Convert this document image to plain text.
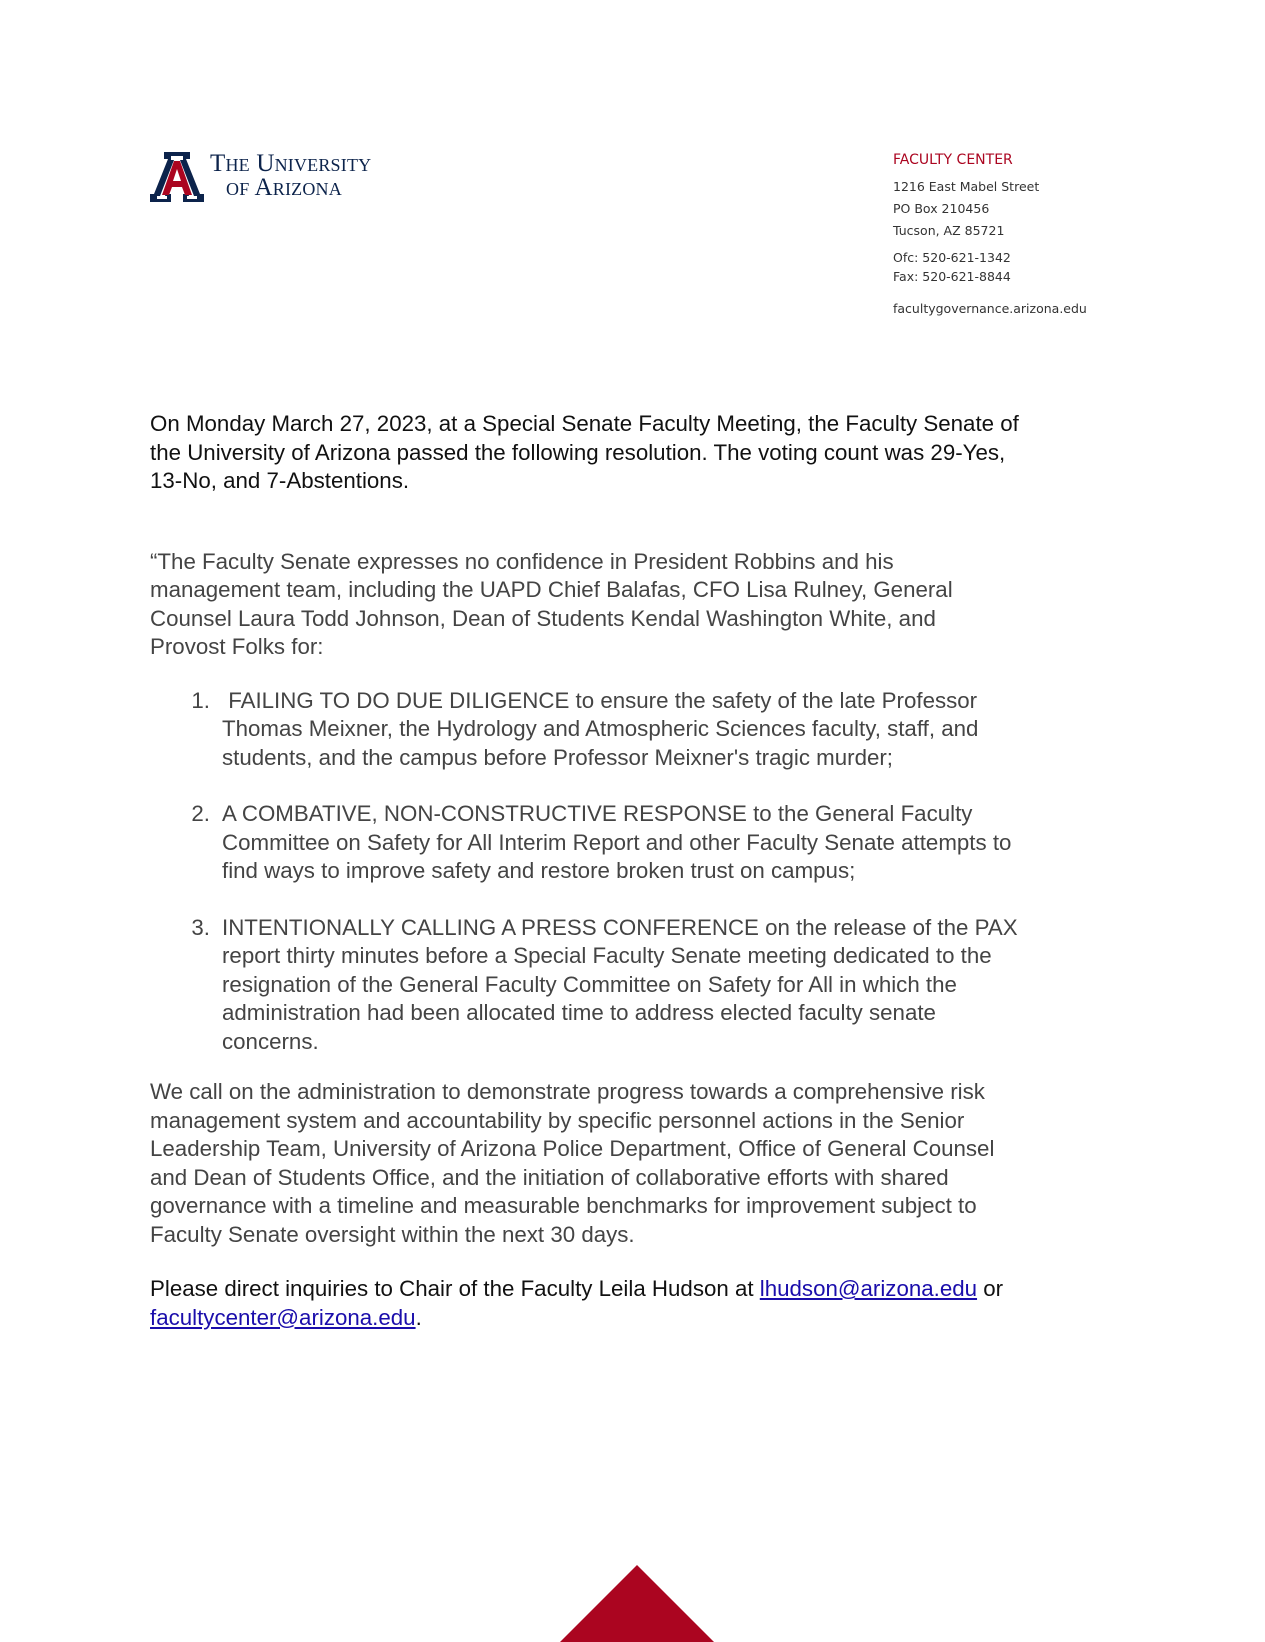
The University
of Arizona
FACULTY CENTER
1216 East Mabel Street
PO Box 210456
Tucson, AZ 85721
Ofc: 520-621-1342
Fax: 520-621-8844
facultygovernance.arizona.edu

On Monday March 27, 2023, at a Special Senate Faculty Meeting, the Faculty Senate of
the University of Arizona passed the following resolution. The voting count was 29-Yes,
13-No, and 7-Abstentions.

“The Faculty Senate expresses no confidence in President Robbins and his
management team, including the UAPD Chief Balafas, CFO Lisa Rulney, General
Counsel Laura Todd Johnson, Dean of Students Kendal Washington White, and
Provost Folks for:

1. FAILING TO DO DUE DILIGENCE to ensure the safety of the late Professor
Thomas Meixner, the Hydrology and Atmospheric Sciences faculty, staff, and
students, and the campus before Professor Meixner's tragic murder;
2. A COMBATIVE, NON-CONSTRUCTIVE RESPONSE to the General Faculty
Committee on Safety for All Interim Report and other Faculty Senate attempts to
find ways to improve safety and restore broken trust on campus;
3. INTENTIONALLY CALLING A PRESS CONFERENCE on the release of the PAX
report thirty minutes before a Special Faculty Senate meeting dedicated to the
resignation of the General Faculty Committee on Safety for All in which the
administration had been allocated time to address elected faculty senate
concerns.

We call on the administration to demonstrate progress towards a comprehensive risk
management system and accountability by specific personnel actions in the Senior
Leadership Team, University of Arizona Police Department, Office of General Counsel
and Dean of Students Office, and the initiation of collaborative efforts with shared
governance with a timeline and measurable benchmarks for improvement subject to
Faculty Senate oversight within the next 30 days.

Please direct inquiries to Chair of the Faculty Leila Hudson at lhudson@arizona.edu or
facultycenter@arizona.edu.
